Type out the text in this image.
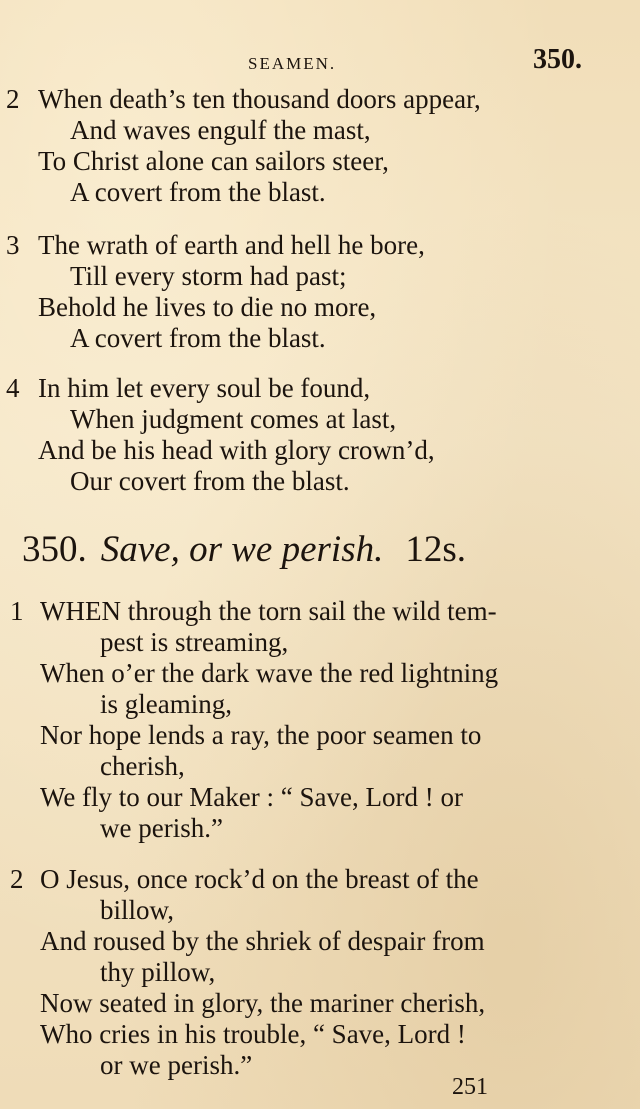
SEAMEN.	350.
2 When death’s ten thousand doors appear,
And waves engulf the mast,
To Christ alone can sailors steer,
A covert from the blast.
3 The wrath of earth and hell he bore,
Till every storm had past;
Behold he lives to die no more,
A covert from the blast.
4 In him let every soul be found,
When judgment comes at last,
And be his head with glory crown’d,
Our covert from the blast.
350. Save, or we perish. 12s.
1 WHEN through the torn sail the wild tem-
pest is streaming,
When o’er the dark wave the red lightning
is gleaming,
Nor hope lends a ray, the poor seamen to
cherish,
We fly to our Maker : “ Save, Lord ! or
we perish.”
2 O Jesus, once rock’d on the breast of the
billow,
And roused by the shriek of despair from
thy pillow,
Now seated in glory, the mariner cherish,
Who cries in his trouble, “ Save, Lord !
or we perish.”
251
